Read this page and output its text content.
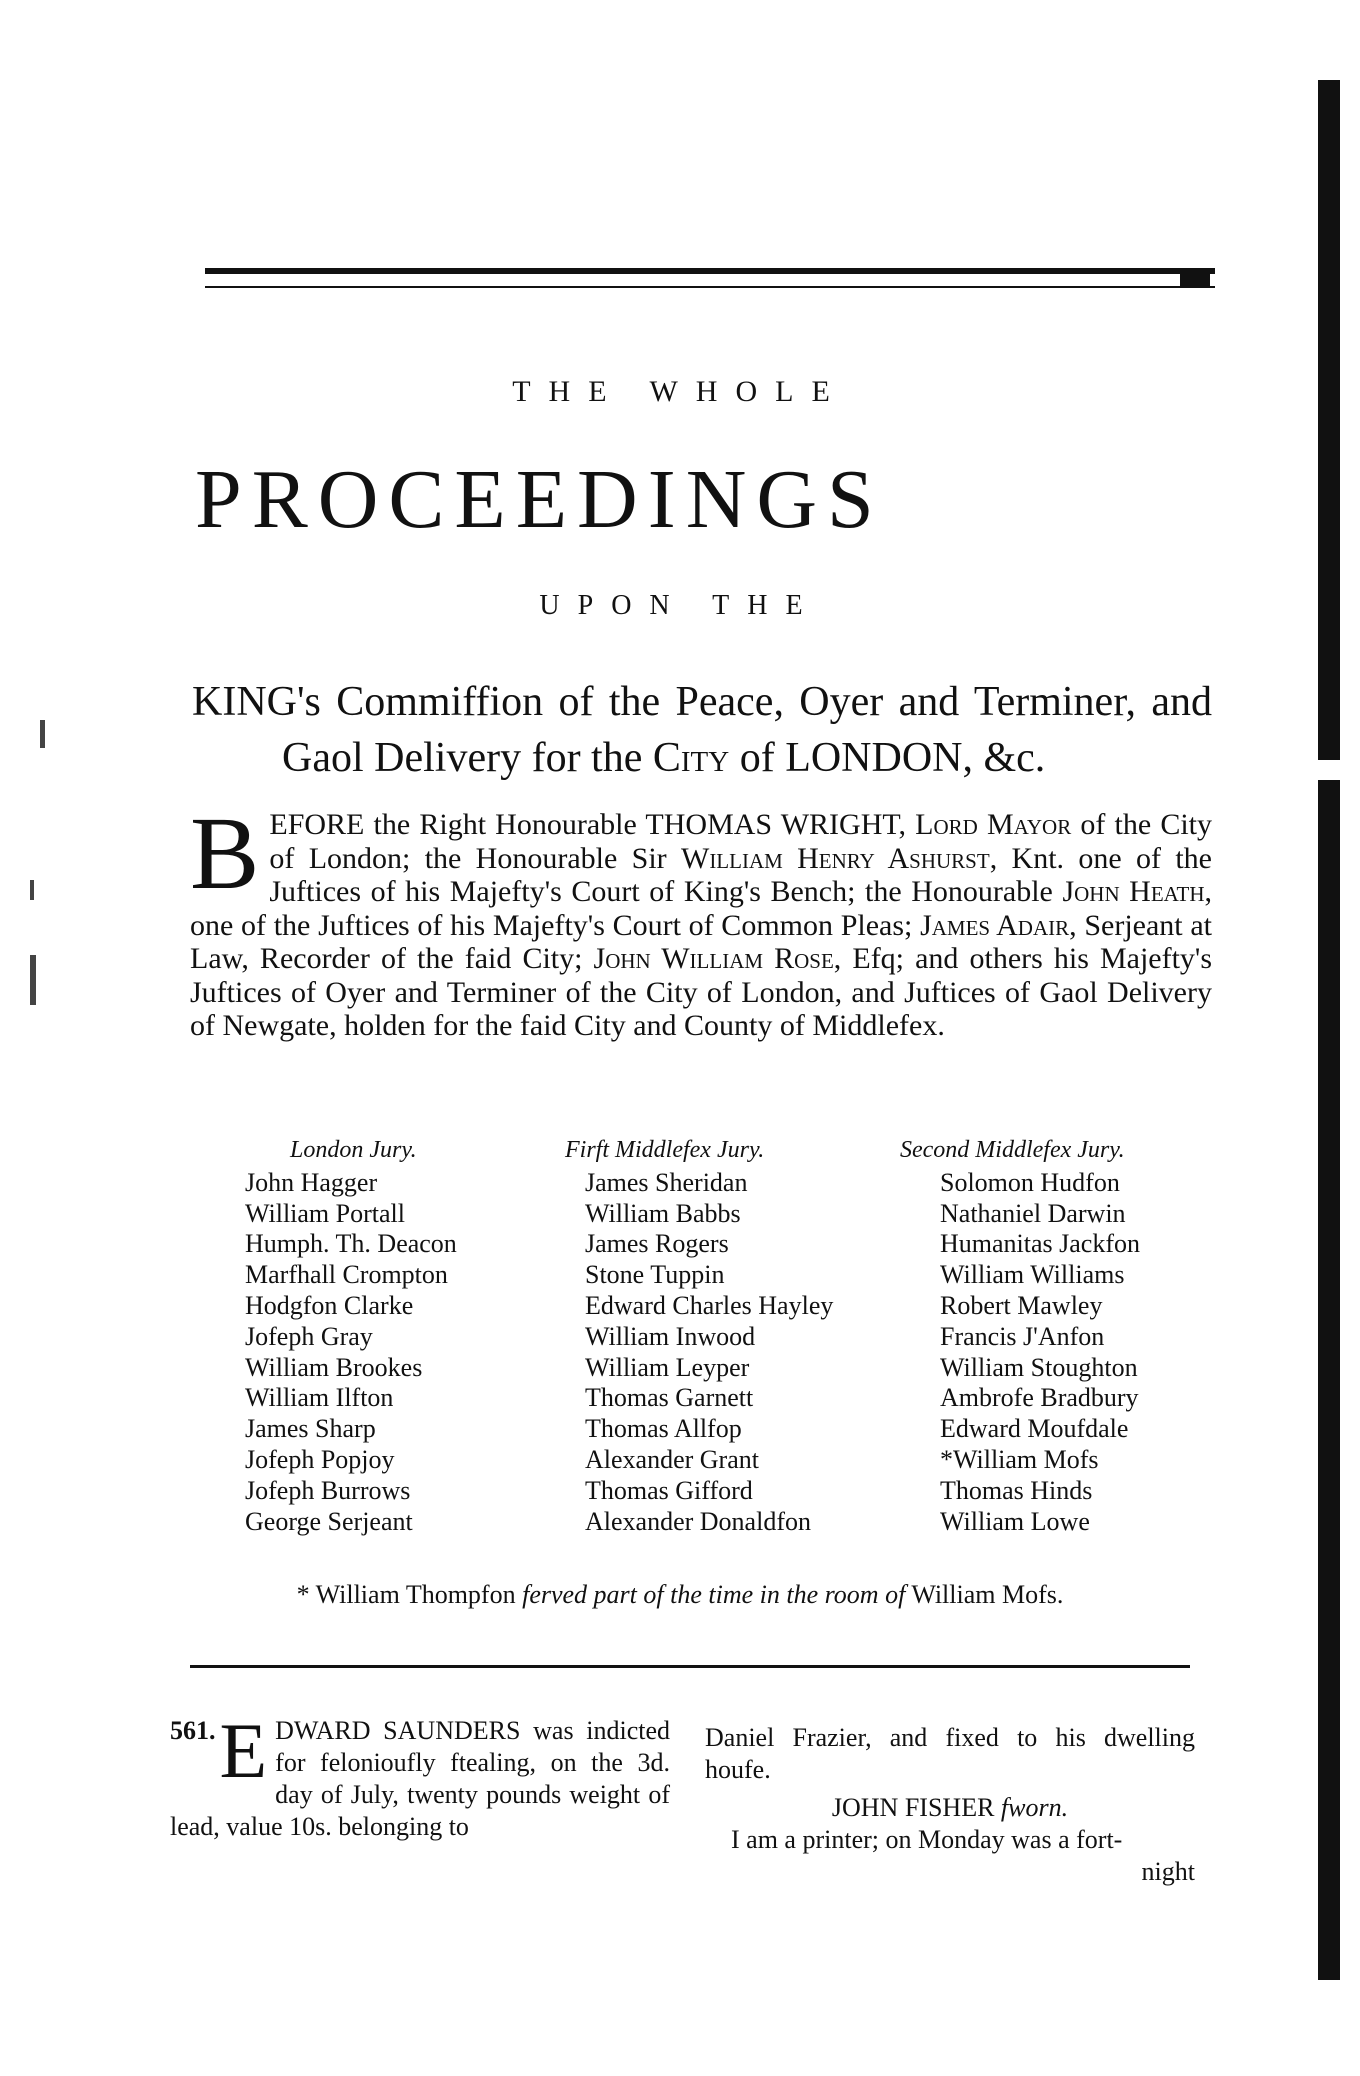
THE WHOLE
PROCEEDINGS
UPON THE
KING's Commiffion of the Peace, Oyer and Terminer, and
Gaol Delivery for the City of LONDON, &c.
BEFORE the Right Honourable THOMAS WRIGHT, Lord Mayor of the City of London; the Honourable Sir William Henry Ashurst, Knt. one of the Juftices of his Majefty's Court of King's Bench; the Honourable John Heath, one of the Juftices of his Majefty's Court of Common Pleas; James Adair, Serjeant at Law, Recorder of the faid City; John William Rose, Efq; and others his Majefty's Juftices of Oyer and Terminer of the City of London, and Juftices of Gaol Delivery of Newgate, holden for the faid City and County of Middlefex.
London Jury.
John Hagger
William Portall
Humph. Th. Deacon
Marfhall Crompton
Hodgfon Clarke
Jofeph Gray
William Brookes
William Ilfton
James Sharp
Jofeph Popjoy
Jofeph Burrows
George Serjeant
Firft Middlefex Jury.
James Sheridan
William Babbs
James Rogers
Stone Tuppin
Edward Charles Hayley
William Inwood
William Leyper
Thomas Garnett
Thomas Allfop
Alexander Grant
Thomas Gifford
Alexander Donaldfon
Second Middlefex Jury.
Solomon Hudfon
Nathaniel Darwin
Humanitas Jackfon
William Williams
Robert Mawley
Francis J'Anfon
William Stoughton
Ambrofe Bradbury
Edward Moufdale
*William Mofs
Thomas Hinds
William Lowe
* William Thompfon ferved part of the time in the room of William Mofs.
561. E DWARD SAUNDERS was indicted for felonioufly ftealing, on the 3d. day of July, twenty pounds weight of lead, value 10s. belonging to

Daniel Frazier, and fixed to his dwelling houfe.

JOHN FISHER fworn.

I am a printer; on Monday was a fort-

night
